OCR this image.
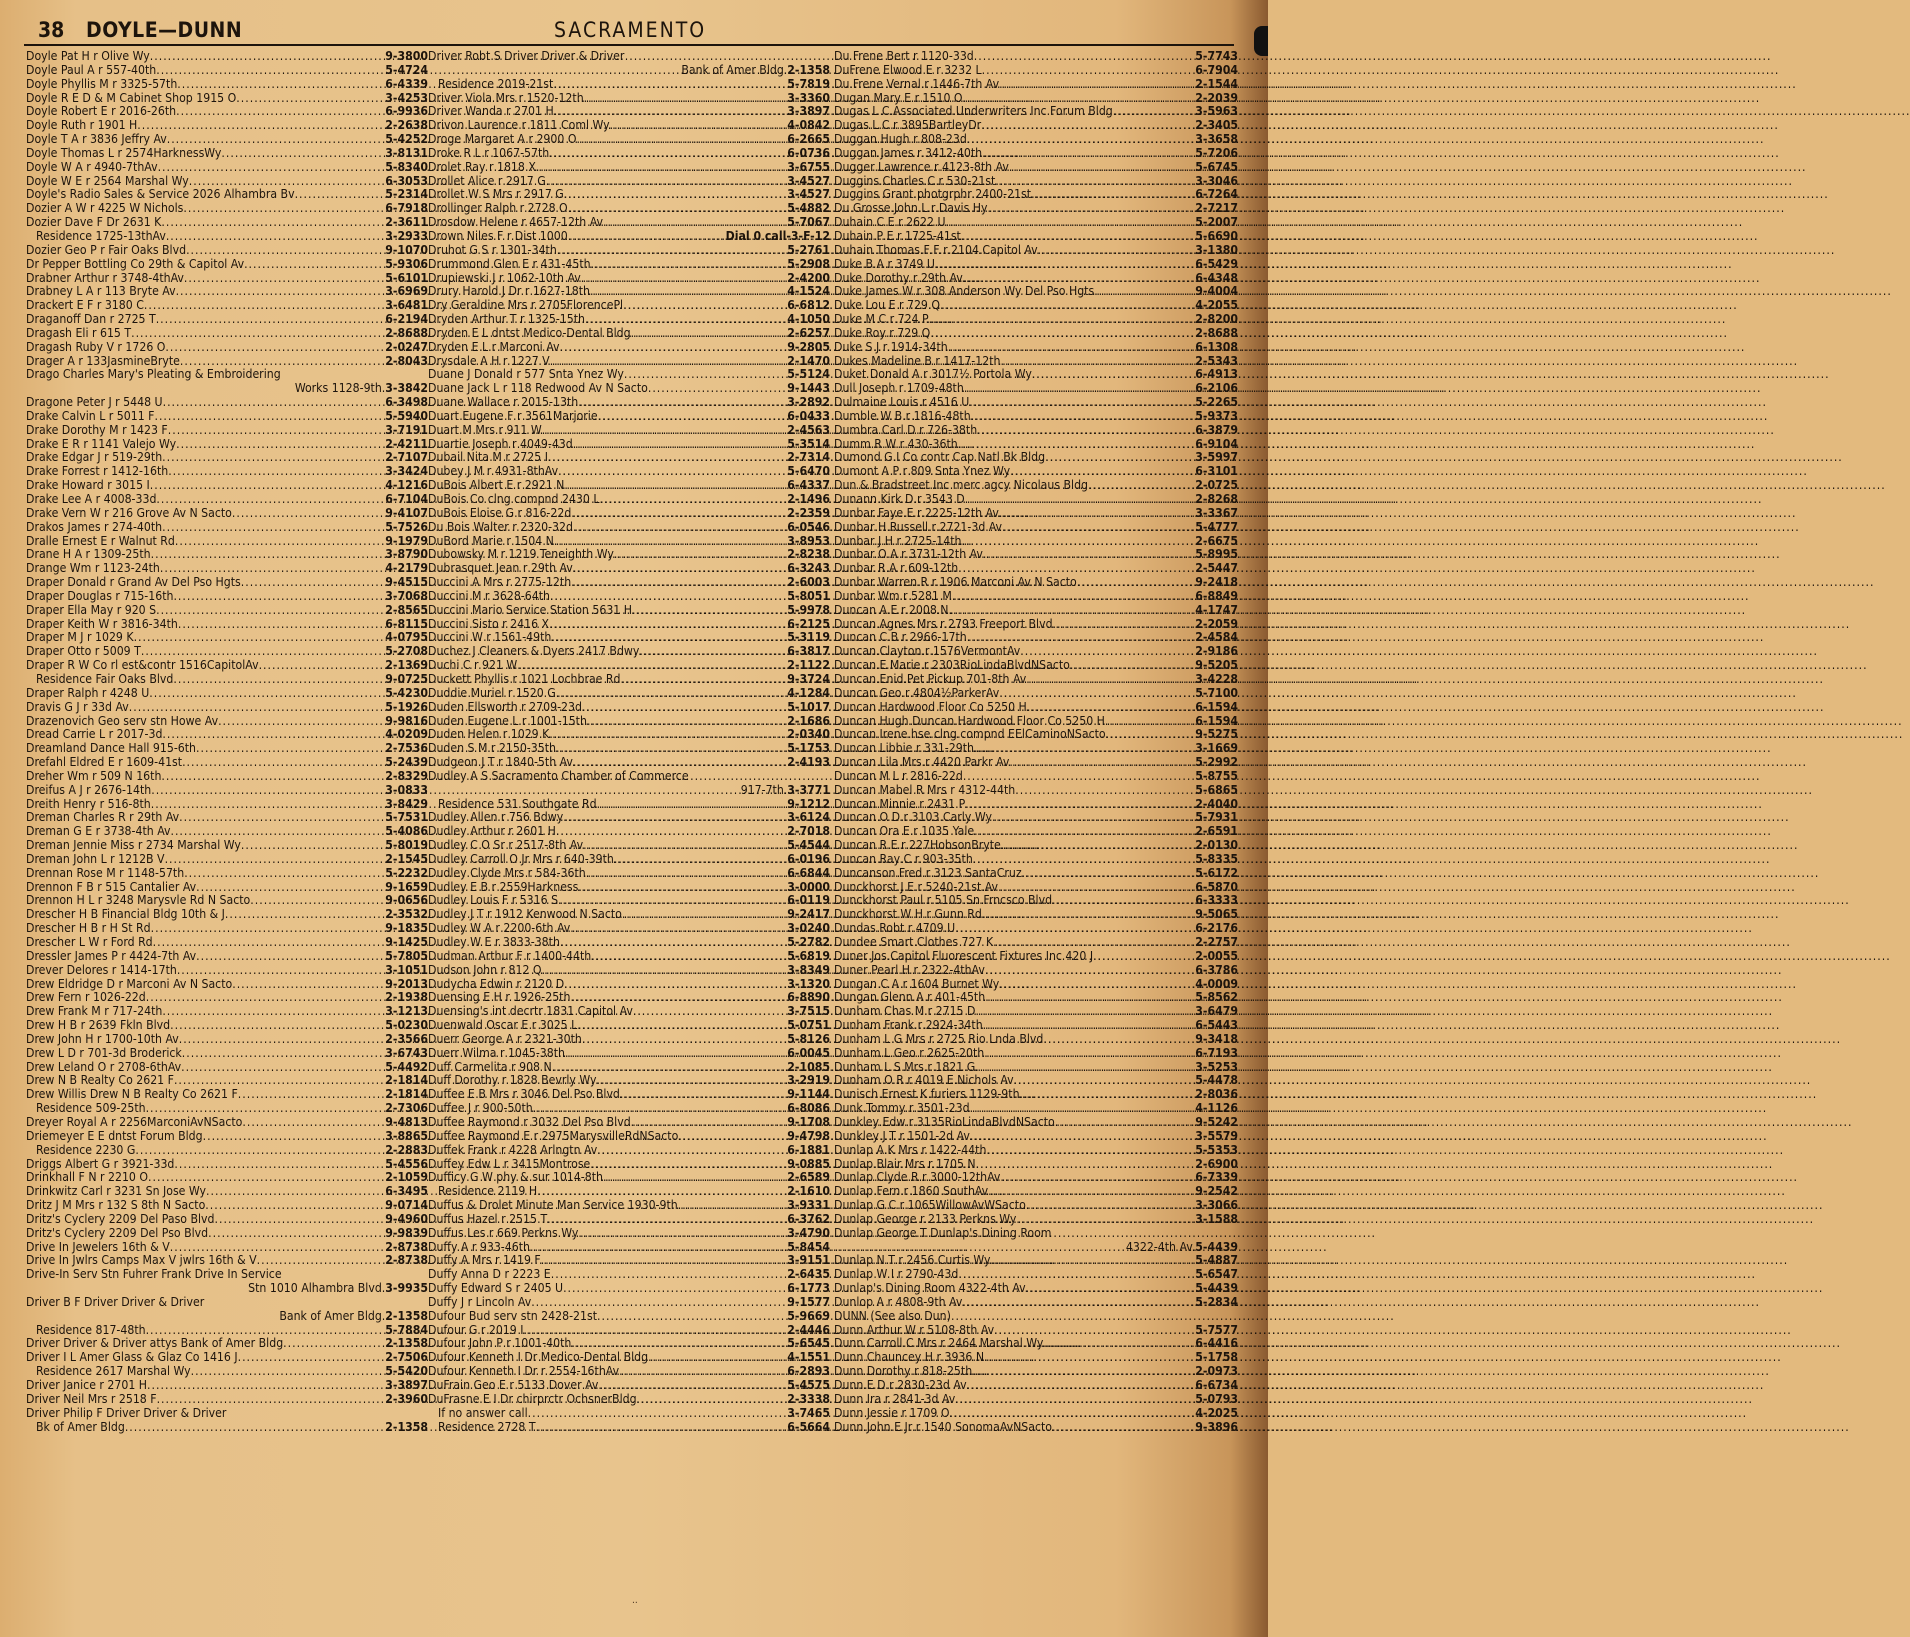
38 DOYLE—DUNN	SACRAMENTO
Doyle Pat H r Olive Wy .....	9-3800
Doyle Paul A r 557-40th .....	5-4724
Doyle Phyllis M r 3325-57th .....	6-4339
Doyle R E D & M Cabinet Shop 1915 O .....	3-4253
Doyle Robert E r 2016-26th .....	6-9936
Doyle Ruth r 1901 H .....	2-2638
Doyle T A r 3836 Jeffry Av .....	5-4252
Doyle Thomas L r 2574HarknessWy .....	3-8131
Doyle W A r 4940-7thAv .....	5-8340
Doyle W E r 2564 Marshal Wy .....	6-3053
Doyle's Radio Sales & Service 2026 Alhambra Bv .....	5-2314
Dozier A W r 4225 W Nichols .....	6-7918
Dozier Dave F Dr 2631 K .....	2-3611
Residence 1725-13thAv .....	3-2933
Dozier Geo P r Fair Oaks Blvd .....	9-1070
Dr Pepper Bottling Co 29th & Capitol Av .....	5-9306
Drabner Arthur r 3748-4thAv .....	5-6101
Drabney L A r 113 Bryte Av .....	3-6969
Drackert E F r 3180 C .....	3-6481
Draganoff Dan r 2725 T .....	6-2194
Dragash Eli r 615 T .....	2-8688
Dragash Ruby V r 1726 O .....	2-0247
Drager A r 133JasmineBryte .....	2-8043
Drago Charles Mary's Pleating & Embroidering
Works 1128-9th. 3-3842
Dragone Peter J r 5448 U .....	6-3498
Drake Calvin L r 5011 F .....	5-5940
Drake Dorothy M r 1423 F .....	3-7191
Drake E R r 1141 Valejo Wy .....	2-4211
Drake Edgar J r 519-29th .....	2-7107
Drake Forrest r 1412-16th .....	3-3424
Drake Howard r 3015 I .....	4-1216
Drake Lee A r 4008-33d .....	6-7104
Drake Vern W r 216 Grove Av N Sacto .....	9-4107
Drakos James r 274-40th .....	5-7526
Dralle Ernest E r Walnut Rd .....	9-1979
Drane H A r 1309-25th .....	3-8790
Drange Wm r 1123-24th .....	4-2179
Draper Donald r Grand Av Del Pso Hgts .....	9-4515
Draper Douglas r 715-16th .....	3-7068
Draper Ella May r 920 S .....	2-8565
Draper Keith W r 3816-34th .....	6-8115
Draper M J r 1029 K .....	4-0795
Draper Otto r 5009 T .....	5-2708
Draper R W Co rl est&contr 1516CapitolAv .....	2-1369
Residence Fair Oaks Blvd .....	9-0725
Draper Ralph r 4248 U .....	5-4230
Dravis G J r 33d Av .....	5-1926
Drazenovich Geo serv stn Howe Av .....	9-9816
Dread Carrie L r 2017-3d .....	4-0209
Dreamland Dance Hall 915-6th .....	2-7536
Drefahl Eldred E r 1609-41st .....	5-2439
Dreher Wm r 509 N 16th .....	2-8329
Dreifus A J r 2676-14th .....	3-0833
Dreith Henry r 516-8th .....	3-8429
Dreman Charles R r 29th Av .....	5-7531
Dreman G E r 3738-4th Av .....	5-4086
Dreman Jennie Miss r 2734 Marshal Wy .....	5-8019
Dreman John L r 1212B V .....	2-1545
Drennan Rose M r 1148-57th .....	5-2232
Drennon F B r 515 Cantalier Av .....	9-1659
Drennon H L r 3248 Marysvle Rd N Sacto .....	9-0656
Drescher H B Financial Bldg 10th & J .....	2-3532
Drescher H B r H St Rd .....	9-1835
Drescher L W r Ford Rd .....	9-1425
Dressler James P r 4424-7th Av .....	5-7805
Drever Delores r 1414-17th .....	3-1051
Drew Eldridge D r Marconi Av N Sacto .....	9-2013
Drew Fern r 1026-22d .....	2-1938
Drew Frank M r 717-24th .....	3-1213
Drew H B r 2639 Fkln Blvd .....	5-0230
Drew John H r 1700-10th Av .....	2-3566
Drew L D r 701-3d Broderick .....	3-6743
Drew Leland O r 2708-6thAv .....	5-4492
Drew N B Realty Co 2621 F .....	2-1814
Drew Willis Drew N B Realty Co 2621 F .....	2-1814
Residence 509-25th .....	2-7306
Dreyer Royal A r 2256MarconiAvNSacto .....	9-4813
Driemeyer E E dntst Forum Bldg .....	3-8865
Residence 2230 G .....	2-2883
Driggs Albert G r 3921-33d .....	5-4556
Drinkhall F N r 2210 O .....	2-1059
Drinkwitz Carl r 3231 Sn Jose Wy .....	6-3495
Dritz J M Mrs r 132 S 8th N Sacto .....	9-0714
Dritz's Cyclery 2209 Del Paso Blvd .....	9-4960
Dritz's Cyclery 2209 Del Pso Blvd .....	9-9839
Drive In Jewelers 16th & V .....	2-8738
Drive In Jwlrs Camps Max V jwlrs 16th & V .....	2-8738
Drive-In Serv Stn Fuhrer Frank Drive In Service
Stn 1010 Alhambra Blvd. 3-9935
Driver B F Driver Driver & Driver
Bank of Amer Bldg. 2-1358
Residence 817-48th .....	5-7884
Driver Driver & Driver attys Bank of Amer Bldg .....	2-1358
Driver I L Amer Glass & Glaz Co 1416 J .....	2-7506
Residence 2617 Marshal Wy .....	5-5420
Driver Janice r 2701 H .....	3-3897
Driver Neil Mrs r 2518 F .....	2-3960
Driver Philip F Driver Driver & Driver
Bk of Amer Bldg .....	2-1358
Driver Robt S Driver Driver & Driver
Bank of Amer Bldg. 2-1358
Residence 2019-21st .....	5-7819
Driver Viola Mrs r 1520-12th .....	3-3360
Driver Wanda r 2701 H .....	3-3897
Drivon Laurence r 1811 Coml Wy .....	4-0842
Droge Margaret A r 2900 O .....	6-2665
Droke R L r 1067-57th .....	6-0736
Drolet Ray r 1818 X .....	3-6755
Drollet Alice r 2917 G .....	3-4527
Drollet W S Mrs r 2917 G .....	3-4527
Drollinger Ralph r 2728 O .....	5-4882
Drosdow Helene r 4657-12th Av .....	5-7067
Drown Niles F r Dist 1000 .....	Dial 0 call-3-F-12
Druhot G S r 1301-34th .....	5-2761
Drummond Glen E r 431-45th .....	5-2908
Drupiewski J r 1062-10th Av .....	2-4200
Drury Harold J Dr r 1627-18th .....	4-1524
Dry Geraldine Mrs r 2705FlorencePl .....	6-6812
Dryden Arthur T r 1325-15th .....	4-1050
Dryden E L dntst Medico-Dental Bldg .....	2-6257
Dryden E L r Marconi Av .....	9-2805
Drysdale A H r 1227 V .....	2-1470
Duane J Donald r 577 Snta Ynez Wy .....	5-5124
Duane Jack L r 118 Redwood Av N Sacto .....	9-1443
Duane Wallace r 2015-13th .....	3-2892
Duart Eugene F r 3561Marjorie .....	6-0433
Duart M Mrs r 911 W .....	2-4563
Duartie Joseph r 4049-43d .....	5-3514
Dubail Nita M r 2725 I .....	2-7314
Dubey J M r 4931-8thAv .....	5-6470
DuBois Albert E r 2921 N .....	6-4337
DuBois Co clng compnd 2430 L .....	2-1496
DuBois Eloise G r 816-22d .....	2-2359
Du Bois Walter r 2320-32d .....	6-0546
DuBord Marie r 1504 N .....	3-8953
Dubowsky M r 1219 Teneighth Wy .....	2-8238
Dubrasquet Jean r 29th Av .....	6-3243
Duccini A Mrs r 2775-12th .....	2-6003
Duccini M r 3628-64th .....	5-8051
Duccini Mario Service Station 5631 H .....	5-9978
Duccini Sisto r 2416 X .....	6-2125
Duccini W r 1561-49th .....	5-3119
Duchez J Cleaners & Dyers 2417 Bdwy .....	6-3817
Duchi C r 921 W .....	2-1122
Duckett Phyllis r 1021 Lochbrae Rd .....	9-3724
Duddie Muriel r 1520 G .....	4-1284
Duden Ellsworth r 2709-23d .....	5-1017
Duden Eugene L r 1001-15th .....	2-1686
Duden Helen r 1029 K .....	2-0340
Duden S M r 2150-35th .....	5-1753
Dudgeon J T r 1840-5th Av .....	2-4193
Dudley A S Sacramento Chamber of Commerce
917-7th. 3-3771
Residence 531 Southgate Rd .....	9-1212
Dudley Allen r 756 Bdwy .....	3-6124
Dudley Arthur r 2601 H .....	2-7018
Dudley C O Sr r 2517-8th Av .....	5-4544
Dudley Carroll O Jr Mrs r 640-39th .....	6-0196
Dudley Clyde Mrs r 584-36th .....	6-6844
Dudley E B r 2559Harkness .....	3-0000
Dudley Louis F r 5316 S .....	6-0119
Dudley J T r 1912 Kenwood N Sacto .....	9-2417
Dudley W A r 2200-6th Av .....	3-0240
Dudley W E r 3833-38th .....	5-2782
Dudman Arthur F r 1400-44th .....	5-6819
Dudson John r 812 Q .....	3-8349
Dudycha Edwin r 2120 D .....	3-1320
Duensing E H r 1926-25th .....	6-8890
Duensing's int decrtr 1831 Capitol Av .....	3-7515
Duenwald Oscar E r 3025 L .....	5-0751
Duerr George A r 2321-30th .....	5-8126
Duerr Wilma r 1045-38th .....	6-0045
Duff Carmelita r 908 N .....	2-1085
Duff Dorothy r 1828 Bevrly Wy .....	3-2919
Duffee E B Mrs r 3046 Del Pso Blvd .....	9-1144
Duffee J r 900-50th .....	6-8086
Duffee Raymond r 3032 Del Pso Blvd .....	9-1708
Duffee Raymond E r 2975MarysvilleRdNSacto .....	9-4798
Duffek Frank r 4228 Arlngtn Av .....	6-1881
Duffey Edw L r 3415Montrose .....	9-0885
Dufficy G W phy & sur 1014-8th .....	2-6589
Residence 2119 H .....	2-1610
Duffus & Drolet Minute Man Service 1930-9th .....	3-9331
Duffus Hazel r 2515 T .....	6-3762
Duffus Les r 669 Perkns Wy .....	3-4790
Duffy A r 933-46th .....	5-8454
Duffy A Mrs r 1419 F .....	3-9151
Duffy Anna D r 2223 E .....	2-6435
Duffy Edward S r 2405 U .....	6-1773
Duffy J r Lincoln Av .....	9-1577
Dufour Bud serv stn 2428-21st .....	5-9669
Dufour G r 2019 I .....	2-4446
Dufour John P r 1001-40th .....	5-6545
Dufour Kenneth I Dr Medico-Dental Bldg .....	4-1551
Dufour Kenneth I Dr r 2554-16thAv .....	6-2893
DuFrain Geo E r 5133 Dover Av .....	5-4575
DuFrasne E I Dr chirprctr OchsnerBldg .....	2-3338
If no answer call .....	3-7465
Residence 2728 T .....	6-5664
Du Frene Bert r 1120-33d .....	5-7743
DuFrene Elwood E r 3232 L .....	6-7904
Du Frene Vernal r 1446-7th Av .....	2-1544
Dugan Mary E r 1510 O .....	2-2039
Dugas L C Associated Underwriters Inc Forum Bldg .....	3-5963
Dugas L C r 3895BartleyDr .....	2-3405
Duggan Hugh r 808-23d .....	3-3658
Duggan James r 3412-40th .....	5-7206
Dugger Lawrence r 4123-8th Av .....	5-6745
Duggins Charles C r 530-21st .....	3-3046
Duggins Grant photgrphr 2400-21st .....	6-7264
Du Grosse John L r Davis Hy .....	2-7217
Duhain C E r 2622 U .....	5-2007
Duhain P E r 1725-41st .....	5-6690
Duhain Thomas F F r 2104 Capitol Av .....	3-1380
Duke B A r 3749 U .....	6-5429
Duke Dorothy r 29th Av .....	6-4348
Duke James W r 308 Anderson Wy Del Pso Hgts .....	9-4004
Duke Lou E r 729 Q .....	4-2055
Duke M C r 724 P .....	2-8200
Duke Roy r 729 Q .....	2-8688
Duke S J r 1914-34th .....	6-1308
Dukes Madeline B r 1417-12th .....	2-5343
Duket Donald A r 3017½ Portola Wy .....	6-4913
Dull Joseph r 1709-48th .....	6-2106
Dulmaine Louis r 4516 U .....	5-2265
Dumble W B r 1816-48th .....	5-9373
Dumbra Carl D r 726-38th .....	6-3879
Dumm R W r 430-36th .....	6-9104
Dumond G I Co contr Cap Natl Bk Bldg .....	3-5997
Dumont A P r 809 Snta Ynez Wy .....	6-3101
Dun & Bradstreet Inc merc agcy Nicolaus Bldg .....	2-0725
Dunann Kirk D r 3543 D .....	2-8268
Dunbar Faye E r 2225-12th Av .....	3-3367
Dunbar H Russell r 2721-3d Av .....	5-4777
Dunbar J H r 2725-14th .....	2-6675
Dunbar O A r 3731-12th Av .....	5-8995
Dunbar R A r 609-12th .....	2-5447
Dunbar Warren R r 1906 Marconi Av N Sacto .....	9-2418
Dunbar Wm r 5281 M .....	6-8849
Duncan A E r 2008 N .....	4-1747
Duncan Agnes Mrs r 2793 Freeport Blvd .....	2-2059
Duncan C B r 2966-17th .....	2-4584
Duncan Clayton r 1576VermontAv .....	2-9186
Duncan E Marie r 2303RioLindaBlvdNSacto .....	9-5205
Duncan Enid Pet Pickup 701-8th Av .....	3-4228
Duncan Geo r 4804½ParkerAv .....	5-7100
Duncan Hardwood Floor Co 5250 H .....	6-1594
Duncan Hugh Duncan Hardwood Floor Co 5250 H .....	6-1594
Duncan Irene hse clng compnd EElCaminoNSacto .....	9-5275
Duncan Libbie r 331-29th .....	3-1669
Duncan Lila Mrs r 4420 Parkr Av .....	5-2992
Duncan M L r 2816-22d .....	5-8755
Duncan Mabel R Mrs r 4312-44th .....	5-6865
Duncan Minnie r 2431 P .....	2-4040
Duncan O D r 3103 Carly Wy .....	5-7931
Duncan Ora E r 1035 Yale .....	2-6591
Duncan R E r 227HobsonBryte .....	2-0130
Duncan Ray C r 903-35th .....	5-8335
Duncanson Fred r 3123 SantaCruz .....	5-6172
Dunckhorst J E r 5240-21st Av .....	6-5870
Dunckhorst Paul r 5105 Sn Frncsco Blvd .....	6-3333
Dunckhorst W H r Gunn Rd .....	9-5065
Dundas Robt r 4709 U .....	6-2176
Dundee Smart Clothes 727 K .....	2-2757
Duner Jos Capitol Fluorescent Fixtures Inc 420 J .....	2-0055
Duner Pearl H r 2322-4thAv .....	6-3786
Dungan C A r 1604 Burnet Wy .....	4-0009
Dungan Glenn A r 401-45th .....	5-8562
Dunham Chas M r 2715 D .....	3-6479
Dunham Frank r 2924-34th .....	6-5443
Dunham L G Mrs r 2725 Rio Lnda Blvd .....	9-3418
Dunham L Geo r 2625-20th .....	6-7193
Dunham L S Mrs r 1821 G .....	3-5253
Dunham O R r 4019 E Nichols Av .....	5-4478
Dunisch Ernest K furiers 1129-9th .....	2-8036
Dunk Tommy r 3501-23d .....	4-1126
Dunkley Edw r 3135RioLindaBlvdNSacto .....	9-5242
Dunkley J T r 1501-2d Av .....	3-5579
Dunlap A K Mrs r 1422-44th .....	5-5353
Dunlap Blair Mrs r 1705 N .....	2-6900
Dunlap Clyde R r 3000-12thAv .....	6-7339
Dunlap Fern r 1860 SouthAv .....	9-2542
Dunlap G C r 1065WillowAvWSacto .....	3-3066
Dunlap George r 2133 Perkns Wy .....	3-1588
Dunlap George T Dunlap's Dining Room
4322-4th Av. 5-4439
Dunlap N T r 2456 Curtis Wy .....	5-4887
Dunlap W I r 2790-43d .....	5-6547
Dunlap's Dining Room 4322-4th Av .....	5-4439
Dunlop A r 4808-9th Av .....	5-2834
DUNN (See also Dun)
Dunn Arthur W r 5108-8th Av .....	5-7577
Dunn Carroll C Mrs r 2464 Marshal Wy .....	6-4416
Dunn Chauncey H r 3936 N .....	5-1758
Dunn Dorothy r 818-25th .....	2-0973
Dunn E D r 2830-23d Av .....	6-6734
Dunn Ira r 2841-3d Av .....	5-0793
Dunn Jessie r 1709 O .....	4-2025
Dunn John E Jr r 1540 SonomaAvNSacto .....	9-3896
··
